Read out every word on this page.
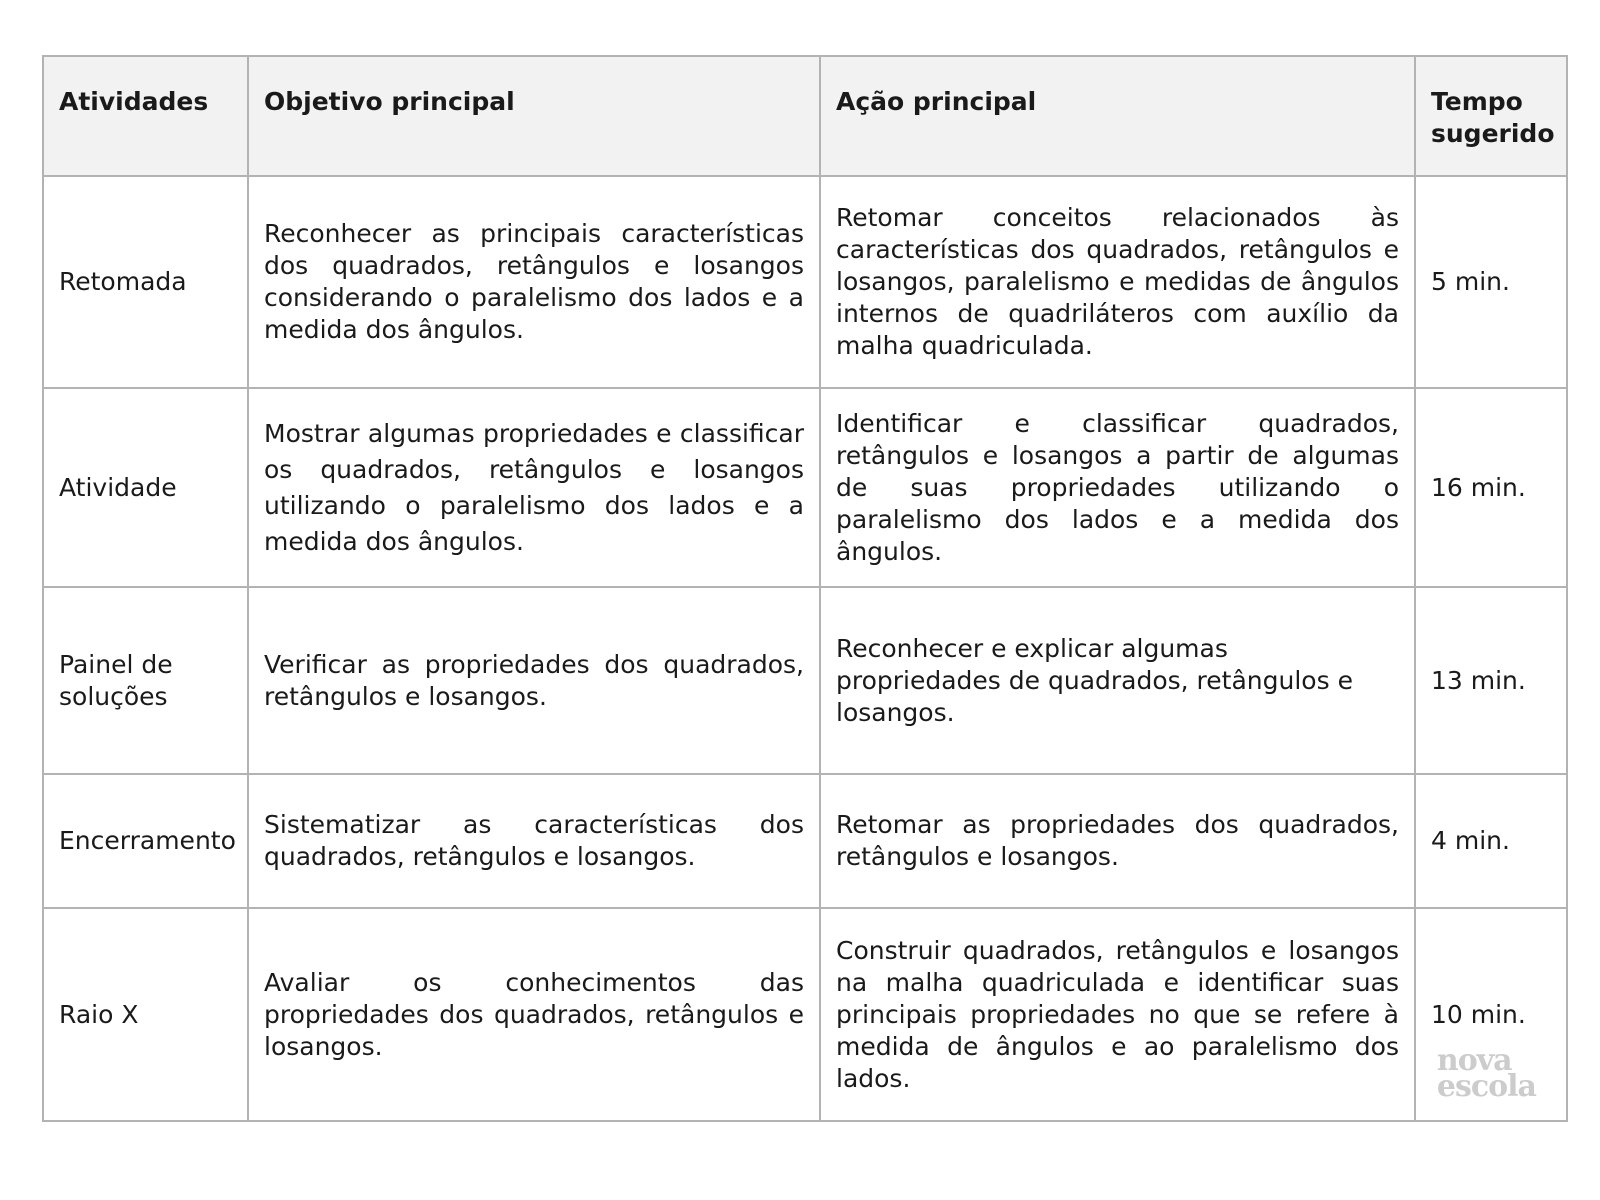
Atividades	Objetivo principal	Ação principal	Tempo sugerido
Retomada	Reconhecer as principais características dos quadrados, retângulos e losangos considerando o paralelismo dos lados e a medida dos ângulos.	Retomar conceitos relacionados às características dos quadrados, retângulos e losangos, paralelismo e medidas de ângulos internos de quadriláteros com auxílio da malha quadriculada.	5 min.
Atividade	Mostrar algumas propriedades e classificar os quadrados, retângulos e losangos utilizando o paralelismo dos lados e a medida dos ângulos.	Identificar e classificar quadrados, retângulos e losangos a partir de algumas de suas propriedades utilizando o paralelismo dos lados e a medida dos ângulos.	16 min.
Painel de soluções	Verificar as propriedades dos quadrados, retângulos e losangos.	Reconhecer e explicar algumas propriedades de quadrados, retângulos e losangos.	13 min.
Encerramento	Sistematizar as características dos quadrados, retângulos e losangos.	Retomar as propriedades dos quadrados, retângulos e losangos.	4 min.
Raio X	Avaliar os conhecimentos das propriedades dos quadrados, retângulos e losangos.	Construir quadrados, retângulos e losangos na malha quadriculada e identificar suas principais propriedades no que se refere à medida de ângulos e ao paralelismo dos lados.	10 min.
nova
escola
